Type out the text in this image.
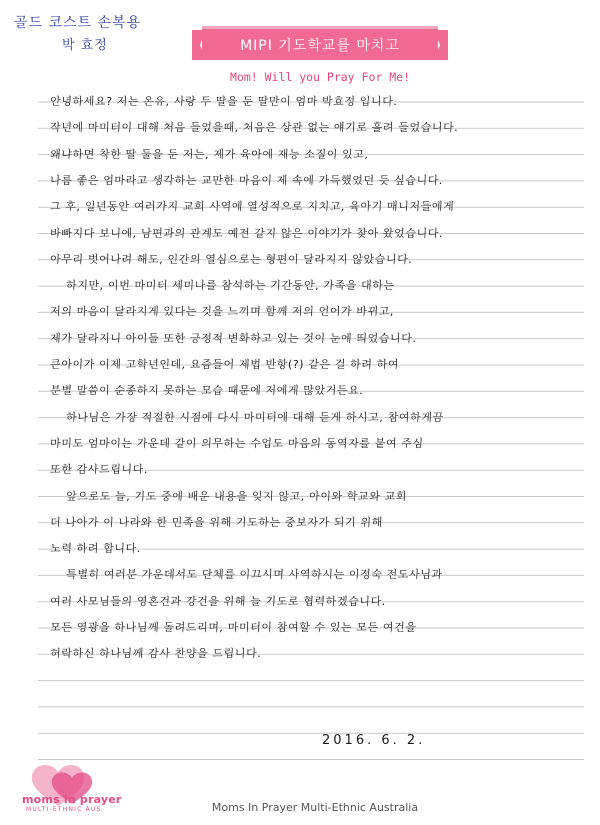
골드 코스트 손복용
박 효정	MIPI 기도학교를 마치고
Mom! Will you Pray For Me!
안녕하세요? 저는 온유, 사랑 두 딸을 둔 딸만이 엄마 박효정 입니다.
작년에 마미터이 대해 처음 들었을때, 처음은 상관 없는 얘기로 흘려 들었습니다.
왜냐하면 착한 딸 둘을 둔 저는, 제가 육아에 재능 소질이 있고,
나름 좋은 엄마라고 생각하는 교만한 마음이 제 속에 가득했었던 듯 싶습니다.
그 후, 일년동안 여러가지 교회 사역에 열성적으로 지치고, 육아기 매니저들에게
바빠지다 보니에, 남편과의 관계도 예전 같지 않은 이야기가 찾아 왔었습니다.
아무리 벗어나려 해도, 인간의 열심으로는 형편이 달라지지 않았습니다.
하지만, 이번 마미터 세미나를 참석하는 기간동안, 가족을 대하는
저의 마음이 달라지게 있다는 것을 느끼며 함께 저의 언어가 바뀌고,
제가 달라지니 아이들 또한 긍정적 변화하고 있는 것이 눈에 띄었습니다.
큰아이가 이제 고학년인데, 요즘들어 제법 반항(?) 같은 걸 하려 하여
분별 말씀이 순종하지 못하는 모습 때문에 저에게 많았거든요.
하나님은 가장 적절한 시점에 다시 마미터에 대해 듣게 하시고, 참여하게끔
마미도 엄마이는 가운데 같이 의무하는 수업도 마음의 동역자를 붙여 주심
또한 감사드립니다.
앞으로도 늘, 기도 중에 배운 내용을 잊지 않고, 아이와 학교와 교회
더 나아가 이 나라와 한 민족을 위해 기도하는 중보자가 되기 위해
노력 하려 합니다.
특별히 여러분 가운데서도 단체를 이끄시며 사역하시는 이정숙 전도사님과
여러 사모님들의 영혼건과 강건을 위해 늘 기도로 협력하겠습니다.
모든 영광을 하나님께 돌려드리며, 마미터이 참여할 수 있는 모든 여건을
허락하신 하나님께 감사 찬양을 드립니다.
2016. 6. 2.
moms in prayer
MULTI-ETHNIC AUS	Moms In Prayer Multi-Ethnic Australia
